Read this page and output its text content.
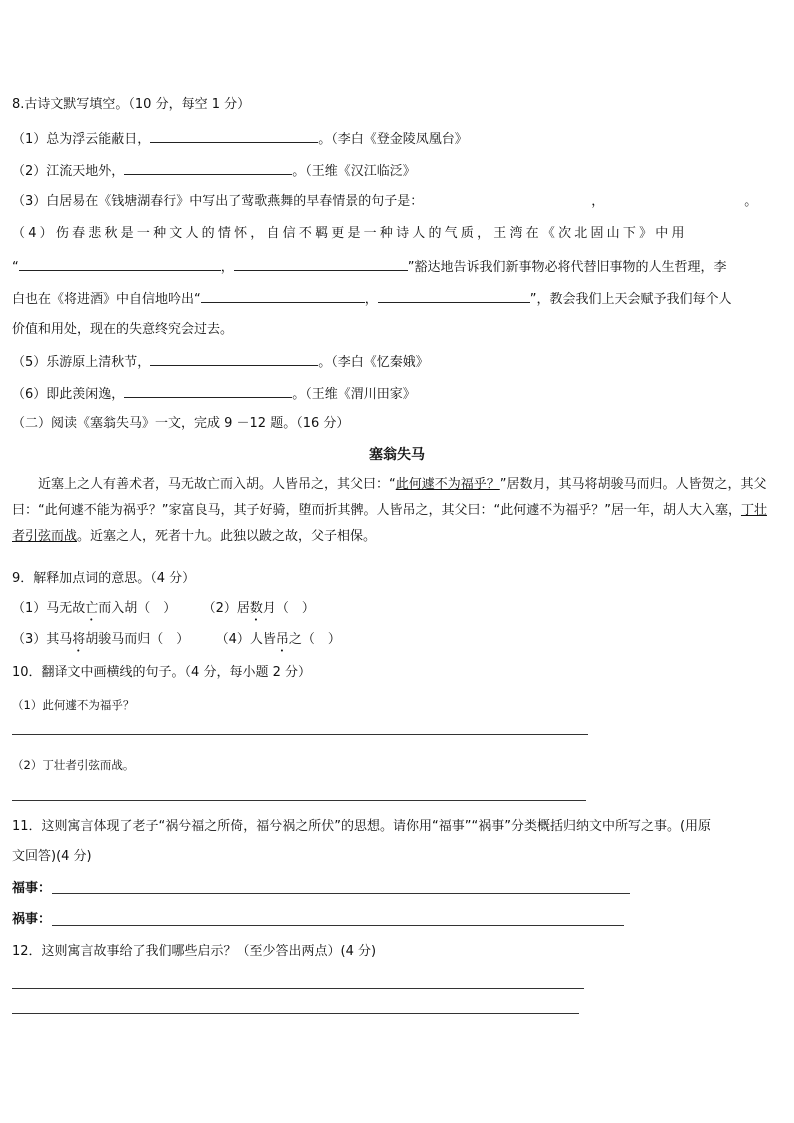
8.古诗文默写填空。（10 分，每空 1 分）
（1）总为浮云能蔽日，	。（李白《登金陵凤凰台》
（2）江流天地外，	。（王维《汉江临泛》
（3）白居易在《钱塘湖春行》中写出了莺歌燕舞的早春情景的句子是：	，	。
（4）伤春悲秋是一种文人的情怀，自信不羁更是一种诗人的气质，王湾在《次北固山下》中用
“	，	”豁达地告诉我们新事物必将代替旧事物的人生哲理，李
白也在《将进酒》中自信地吟出“	，	”，教会我们上天会赋予我们每个人
价值和用处，现在的失意终究会过去。
（5）乐游原上清秋节，	。（李白《忆秦娥》
（6）即此羡闲逸，	。（王维《渭川田家》
（二）阅读《塞翁失马》一文，完成 9 －12 题。（16 分）
塞翁失马
近塞上之人有善术者，马无故亡而入胡。人皆吊之，其父曰：“此何遽不为福乎？”居数月，其马将胡骏马而归。人皆贺之，其父曰：“此何遽不能为祸乎？”家富良马，其子好骑，堕而折其髀。人皆吊之，其父曰：“此何遽不为福乎？”居一年，胡人大入塞，丁壮者引弦而战。近塞之人，死者十九。此独以跛之故，父子相保。
9．解释加点词的意思。（4 分）
（1）马无故亡而入胡（　） （2）居数月（　）
（3）其马将胡骏马而归（　） （4）人皆吊之（　）
10．翻译文中画横线的句子。（4 分，每小题 2 分）
（1）此何遽不为福乎？
（2）丁壮者引弦而战。
11．这则寓言体现了老子“祸兮福之所倚，福兮祸之所伏”的思想。请你用“福事”“祸事”分类概括归纳文中所写之事。(用原
文回答)(4 分)
福事：
祸事：
12．这则寓言故事给了我们哪些启示？（至少答出两点）(4 分)
